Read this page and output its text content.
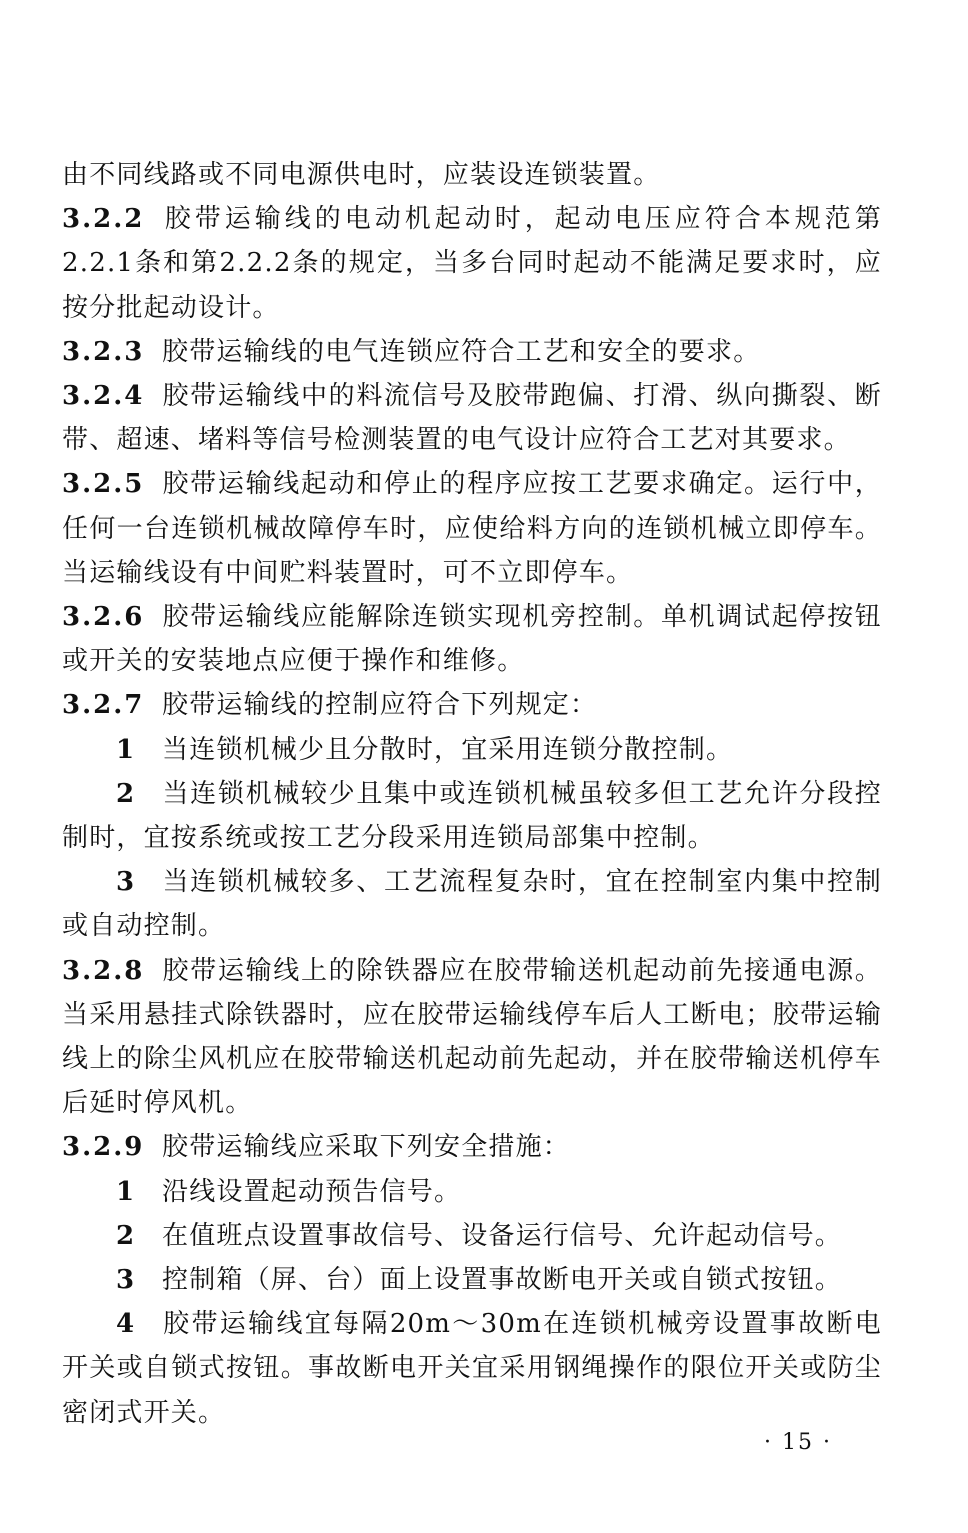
由不同线路或不同电源供电时，应装设连锁装置。

3.2.2 胶带运输线的电动机起动时，起动电压应符合本规范第2.2.1条和第2.2.2条的规定，当多台同时起动不能满足要求时，应按分批起动设计。

3.2.3 胶带运输线的电气连锁应符合工艺和安全的要求。

3.2.4 胶带运输线中的料流信号及胶带跑偏、打滑、纵向撕裂、断带、超速、堵料等信号检测装置的电气设计应符合工艺对其要求。

3.2.5 胶带运输线起动和停止的程序应按工艺要求确定。运行中，任何一台连锁机械故障停车时，应使给料方向的连锁机械立即停车。当运输线设有中间贮料装置时，可不立即停车。

3.2.6 胶带运输线应能解除连锁实现机旁控制。单机调试起停按钮或开关的安装地点应便于操作和维修。

3.2.7 胶带运输线的控制应符合下列规定：

1 当连锁机械少且分散时，宜采用连锁分散控制。

2 当连锁机械较少且集中或连锁机械虽较多但工艺允许分段控制时，宜按系统或按工艺分段采用连锁局部集中控制。

3 当连锁机械较多、工艺流程复杂时，宜在控制室内集中控制或自动控制。

3.2.8 胶带运输线上的除铁器应在胶带输送机起动前先接通电源。当采用悬挂式除铁器时，应在胶带运输线停车后人工断电；胶带运输线上的除尘风机应在胶带输送机起动前先起动，并在胶带输送机停车后延时停风机。

3.2.9 胶带运输线应采取下列安全措施：

1 沿线设置起动预告信号。

2 在值班点设置事故信号、设备运行信号、允许起动信号。

3 控制箱（屏、台）面上设置事故断电开关或自锁式按钮。

4 胶带运输线宜每隔20m～30m在连锁机械旁设置事故断电开关或自锁式按钮。事故断电开关宜采用钢绳操作的限位开关或防尘密闭式开关。

· 15 ·
